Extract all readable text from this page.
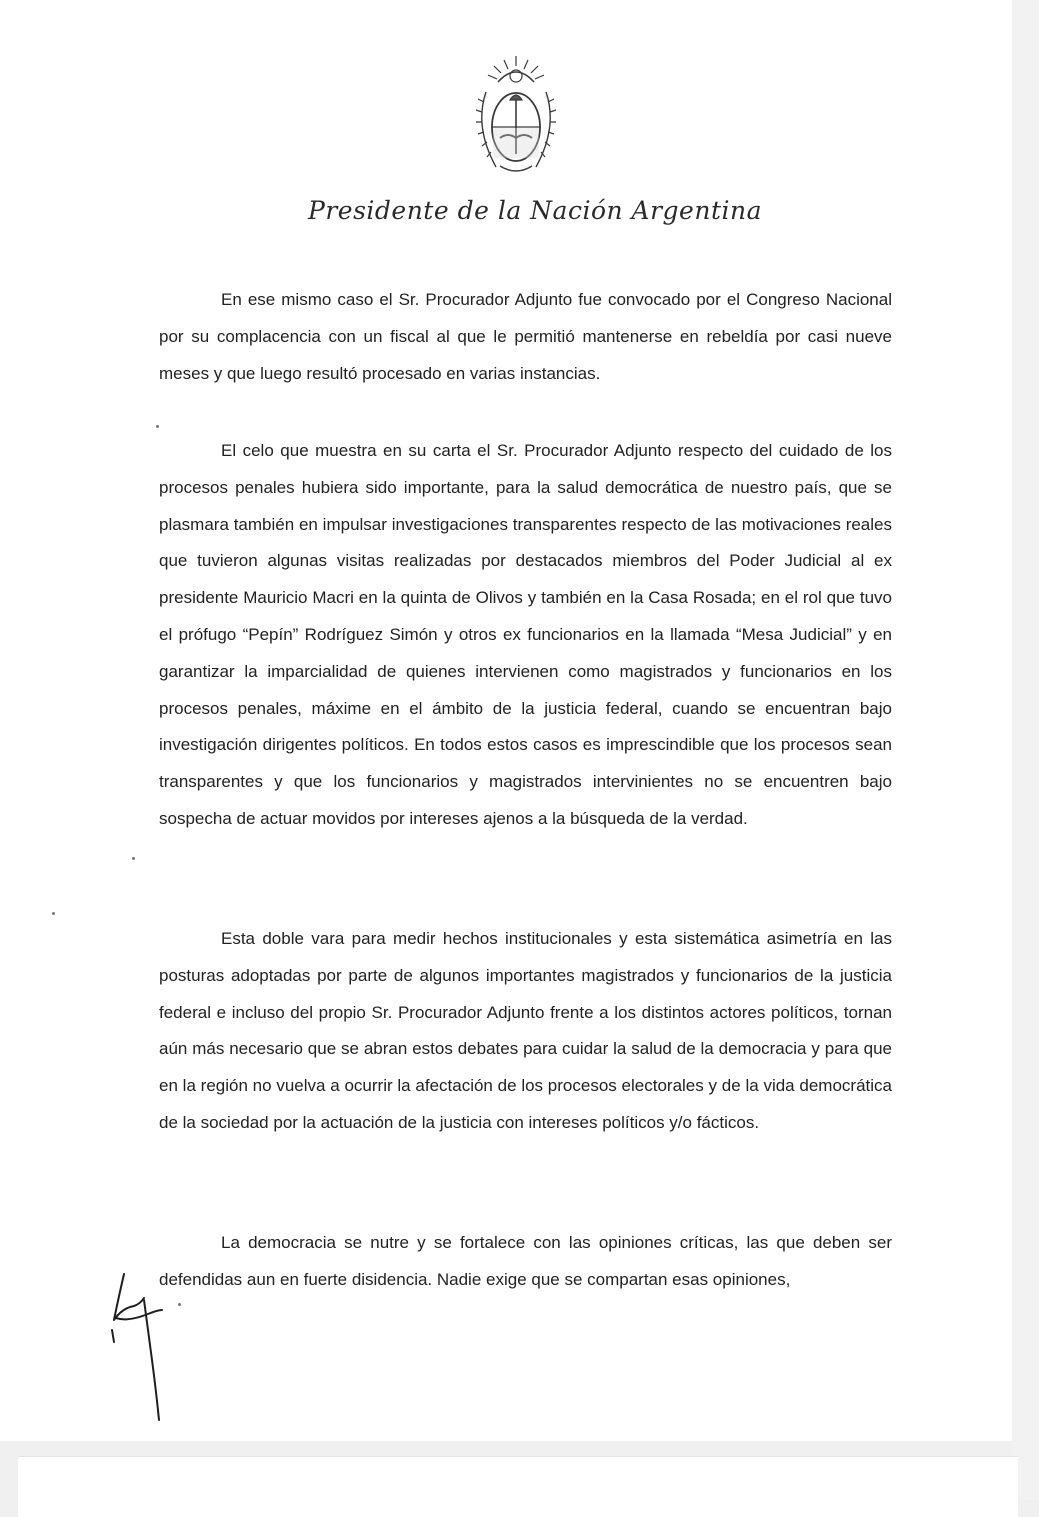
Presidente de la Nación Argentina

En ese mismo caso el Sr. Procurador Adjunto fue convocado por el Congreso Nacional por su complacencia con un fiscal al que le permitió mantenerse en rebeldía por casi nueve meses y que luego resultó procesado en varias instancias.

El celo que muestra en su carta el Sr. Procurador Adjunto respecto del cuidado de los procesos penales hubiera sido importante, para la salud democrática de nuestro país, que se plasmara también en impulsar investigaciones transparentes respecto de las motivaciones reales que tuvieron algunas visitas realizadas por destacados miembros del Poder Judicial al ex presidente Mauricio Macri en la quinta de Olivos y también en la Casa Rosada; en el rol que tuvo el prófugo “Pepín” Rodríguez Simón y otros ex funcionarios en la llamada “Mesa Judicial” y en garantizar la imparcialidad de quienes intervienen como magistrados y funcionarios en los procesos penales, máxime en el ámbito de la justicia federal, cuando se encuentran bajo investigación dirigentes políticos. En todos estos casos es imprescindible que los procesos sean transparentes y que los funcionarios y magistrados intervinientes no se encuentren bajo sospecha de actuar movidos por intereses ajenos a la búsqueda de la verdad.

Esta doble vara para medir hechos institucionales y esta sistemática asimetría en las posturas adoptadas por parte de algunos importantes magistrados y funcionarios de la justicia federal e incluso del propio Sr. Procurador Adjunto frente a los distintos actores políticos, tornan aún más necesario que se abran estos debates para cuidar la salud de la democracia y para que en la región no vuelva a ocurrir la afectación de los procesos electorales y de la vida democrática de la sociedad por la actuación de la justicia con intereses políticos y/o fácticos.

La democracia se nutre y se fortalece con las opiniones críticas, las que deben ser defendidas aun en fuerte disidencia. Nadie exige que se compartan esas opiniones,
